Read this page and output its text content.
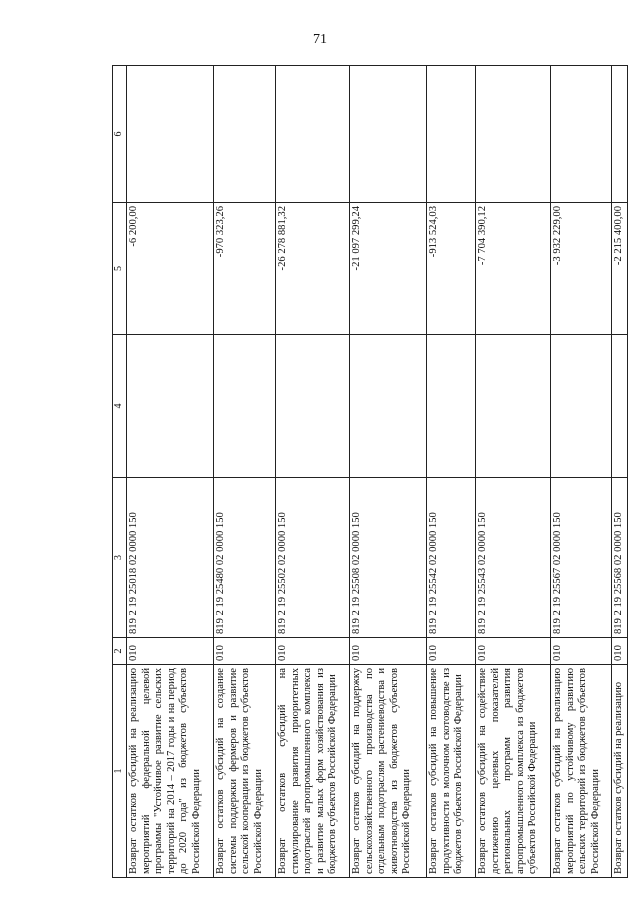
71
1	2	3	4	5	6
Возврат остатков субсидий на реализацию мероприятий федеральной целевой программы "Устойчивое развитие сельских территорий на 2014 – 2017 годы и на период до 2020 года" из бюджетов субъектов Российской Федерации	010	819 2 19 25018 02 0000 150		-6 200,00	
Возврат остатков субсидий на создание системы поддержки фермеров и развитие сельской кооперации из бюджетов субъектов Российской Федерации	010	819 2 19 25480 02 0000 150		-970 323,26	
Возврат остатков субсидий на стимулирование развития приоритетных подотраслей агропромышленного комплекса и развитие малых форм хозяйствования из бюджетов субъектов Российской Федерации	010	819 2 19 25502 02 0000 150		-26 278 881,32	
Возврат остатков субсидий на поддержку сельскохозяйственного производства по отдельным подотраслям растениеводства и животноводства из бюджетов субъектов Российской Федерации	010	819 2 19 25508 02 0000 150		-21 097 299,24	
Возврат остатков субсидий на повышение продуктивности в молочном скотоводстве из бюджетов субъектов Российской Федерации	010	819 2 19 25542 02 0000 150		-913 524,03	
Возврат остатков субсидий на содействие достижению целевых показателей региональных программ развития агропромышленного комплекса из бюджетов субъектов Российской Федерации	010	819 2 19 25543 02 0000 150		-7 704 390,12	
Возврат остатков субсидий на реализацию мероприятий по устойчивому развитию сельских территорий из бюджетов субъектов Российской Федерации	010	819 2 19 25567 02 0000 150		-3 932 229,00	
Возврат остатков субсидий на реализацию	010	819 2 19 25568 02 0000 150		-2 215 400,00	
